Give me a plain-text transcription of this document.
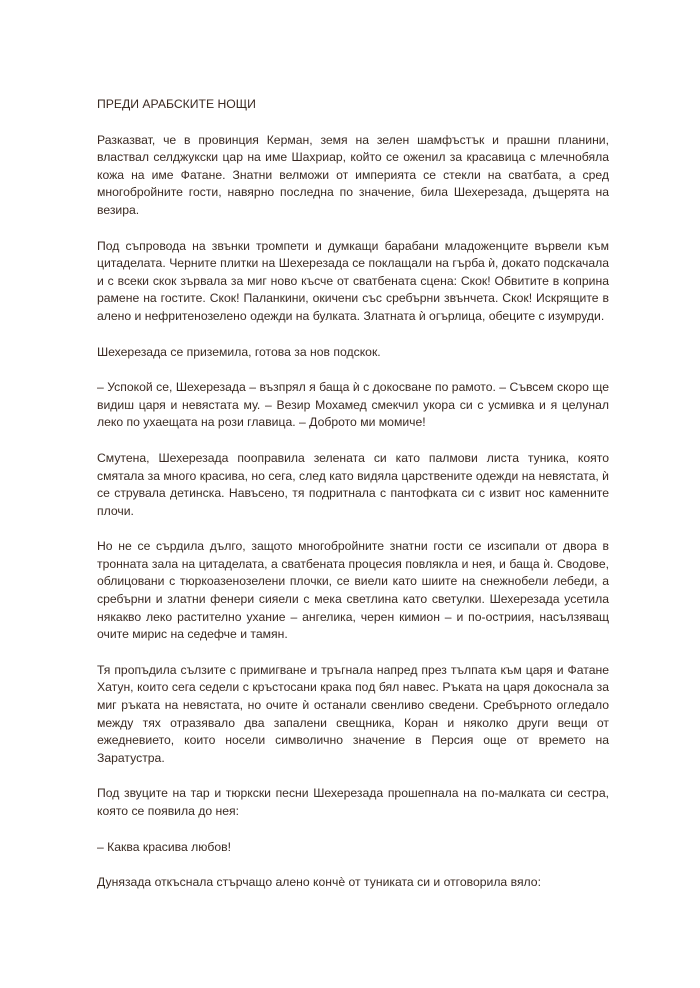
ПРЕДИ АРАБСКИТЕ НОЩИ

Разказват, че в провинция Керман, земя на зелен шамфъстък и прашни планини, властвал селджукски цар на име Шахриар, който се оженил за красавица с млечнобяла кожа на име Фатане. Знатни велможи от империята се стекли на сватбата, а сред многобройните гости, навярно последна по значение, била Шехерезада, дъщерята на везира.

Под съпровода на звънки тромпети и думкащи барабани младоженците вървели към цитаделата. Черните плитки на Шехерезада се поклащали на гърба ѝ, докато подскачала и с всеки скок зървала за миг ново късче от сватбената сцена: Скок! Обвитите в коприна рамене на гостите. Скок! Паланкини, окичени със сребърни звънчета. Скок! Искрящите в алено и нефритенозелено одежди на булката. Златната ѝ огърлица, обеците с изумруди.

Шехерезада се приземила, готова за нов подскок.

– Успокой се, Шехерезада – възпрял я баща ѝ с докосване по рамото. – Съвсем скоро ще видиш царя и невястата му. – Везир Мохамед смекчил укора си с усмивка и я целунал леко по ухаещата на рози главица. – Доброто ми момиче!

Смутена, Шехерезада пооправила зелената си като палмови листа туника, която смятала за много красива, но сега, след като видяла царствените одежди на невястата, ѝ се струвала детинска. Навъсено, тя подритнала с пантофката си с извит нос каменните плочи.

Но не се сърдила дълго, защото многобройните знатни гости се изсипали от двора в тронната зала на цитаделата, а сватбената процесия повлякла и нея, и баща ѝ. Сводове, облицовани с тюркоазенозелени плочки, се виели като шиите на снежнобели лебеди, а сребърни и златни фенери сияели с мека светлина като светулки. Шехерезада усетила някакво леко растително ухание – ангелика, черен кимион – и по-остриия, насълзяващ очите мирис на седефче и тамян.

Тя пропъдила сълзите с примигване и тръгнала напред през тълпата към царя и Фатане Хатун, които сега седели с кръстосани крака под бял навес. Ръката на царя докоснала за миг ръката на невястата, но очите ѝ останали свенливо сведени. Сребърното огледало между тях отразявало два запалени свещника, Коран и няколко други вещи от ежедневието, които носели символично значение в Персия още от времето на Заратустра.

Под звуците на тар и тюркски песни Шехерезада прошепнала на по-малката си сестра, която се появила до нея:

– Каква красива любов!

Дунязада откъснала стърчащо алено кончѐ от туниката си и отговорила вяло:
